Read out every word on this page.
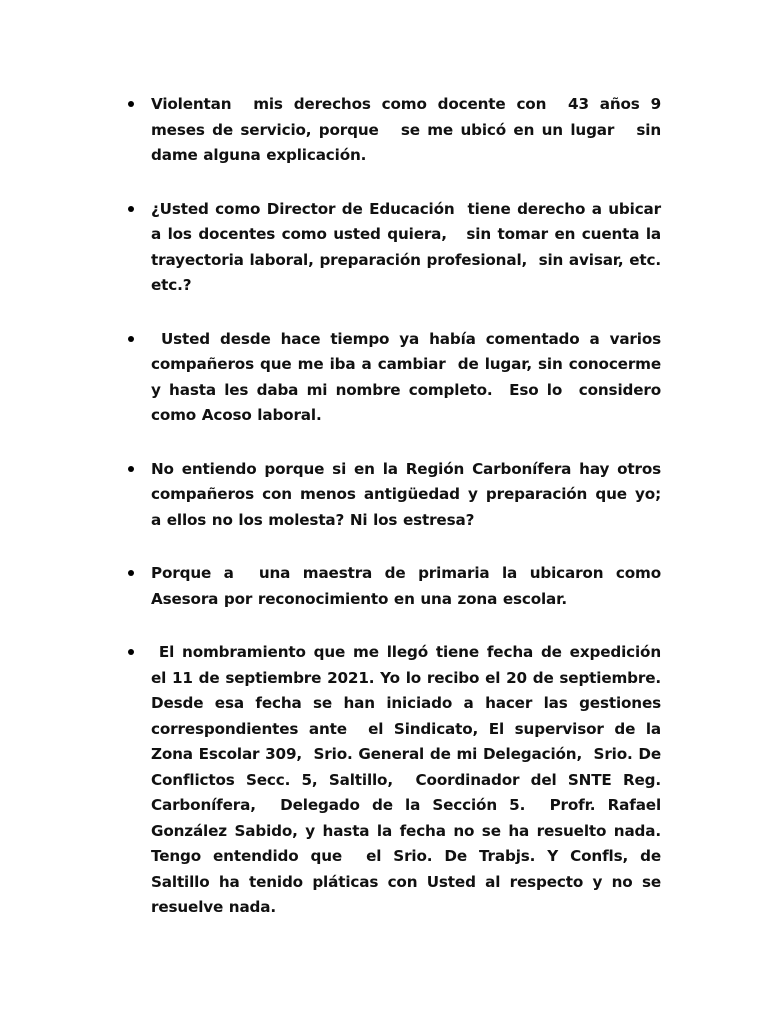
Violentan  mis derechos como docente con  43 años 9 meses de servicio, porque   se me ubicó en un lugar   sin dame alguna explicación.
¿Usted como Director de Educación  tiene derecho a ubicar a los docentes como usted quiera,   sin tomar en cuenta la trayectoria laboral, preparación profesional,  sin avisar, etc. etc.?
Usted desde hace tiempo ya había comentado a varios compañeros que me iba a cambiar  de lugar, sin conocerme y hasta les daba mi nombre completo.  Eso lo  considero  como Acoso laboral.
No entiendo porque si en la Región Carbonífera hay otros compañeros con menos antigüedad y preparación que yo;  a ellos no los molesta? Ni los estresa?
Porque a  una maestra de primaria la ubicaron como Asesora por reconocimiento en una zona escolar.
El nombramiento que me llegó tiene fecha de expedición el 11 de septiembre 2021. Yo lo recibo el 20 de septiembre. Desde esa fecha se han iniciado a hacer las gestiones correspondientes ante  el Sindicato, El supervisor de la Zona Escolar 309,  Srio. General de mi Delegación,  Srio. De Conflictos Secc. 5, Saltillo,  Coordinador del SNTE Reg. Carbonífera,  Delegado de la Sección 5.  Profr. Rafael González Sabido, y hasta la fecha no se ha resuelto nada. Tengo entendido que  el Srio. De Trabjs. Y Confls, de Saltillo ha tenido pláticas con Usted al respecto y no se resuelve nada.
